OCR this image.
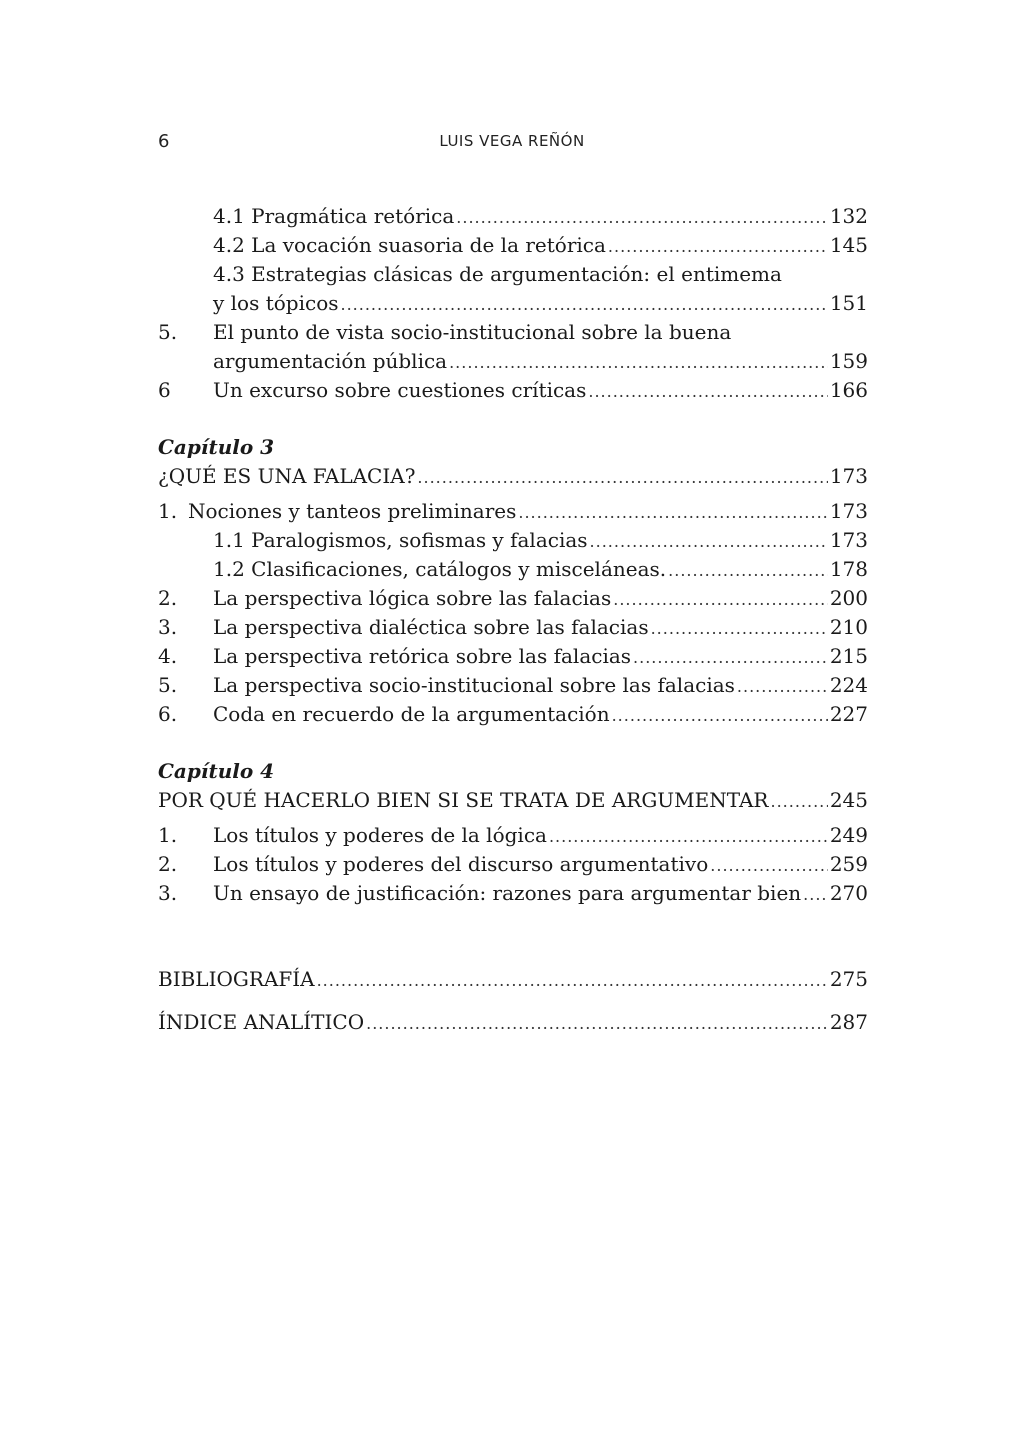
6	LUIS VEGA REÑÓN
4.1 Pragmática retórica .....	132
4.2 La vocación suasoria de la retórica .....	145
4.3 Estrategias clásicas de argumentación: el entimema
y los tópicos .....	151
5. El punto de vista socio-institucional sobre la buena
argumentación pública .....	159
6 Un excurso sobre cuestiones críticas .....	166
Capítulo 3
¿QUÉ ES UNA FALACIA? .....	173
1. Nociones y tanteos preliminares .....	173
1.1 Paralogismos, sofismas y falacias .....	173
1.2 Clasificaciones, catálogos y misceláneas. .....	178
2. La perspectiva lógica sobre las falacias .....	200
3. La perspectiva dialéctica sobre las falacias .....	210
4. La perspectiva retórica sobre las falacias .....	215
5. La perspectiva socio-institucional sobre las falacias .....	224
6. Coda en recuerdo de la argumentación .....	227
Capítulo 4
POR QUÉ HACERLO BIEN SI SE TRATA DE ARGUMENTAR .....	245
1. Los títulos y poderes de la lógica .....	249
2. Los títulos y poderes del discurso argumentativo .....	259
3. Un ensayo de justificación: razones para argumentar bien ..... 270
BIBLIOGRAFÍA .....	275
ÍNDICE ANALÍTICO .....	287
